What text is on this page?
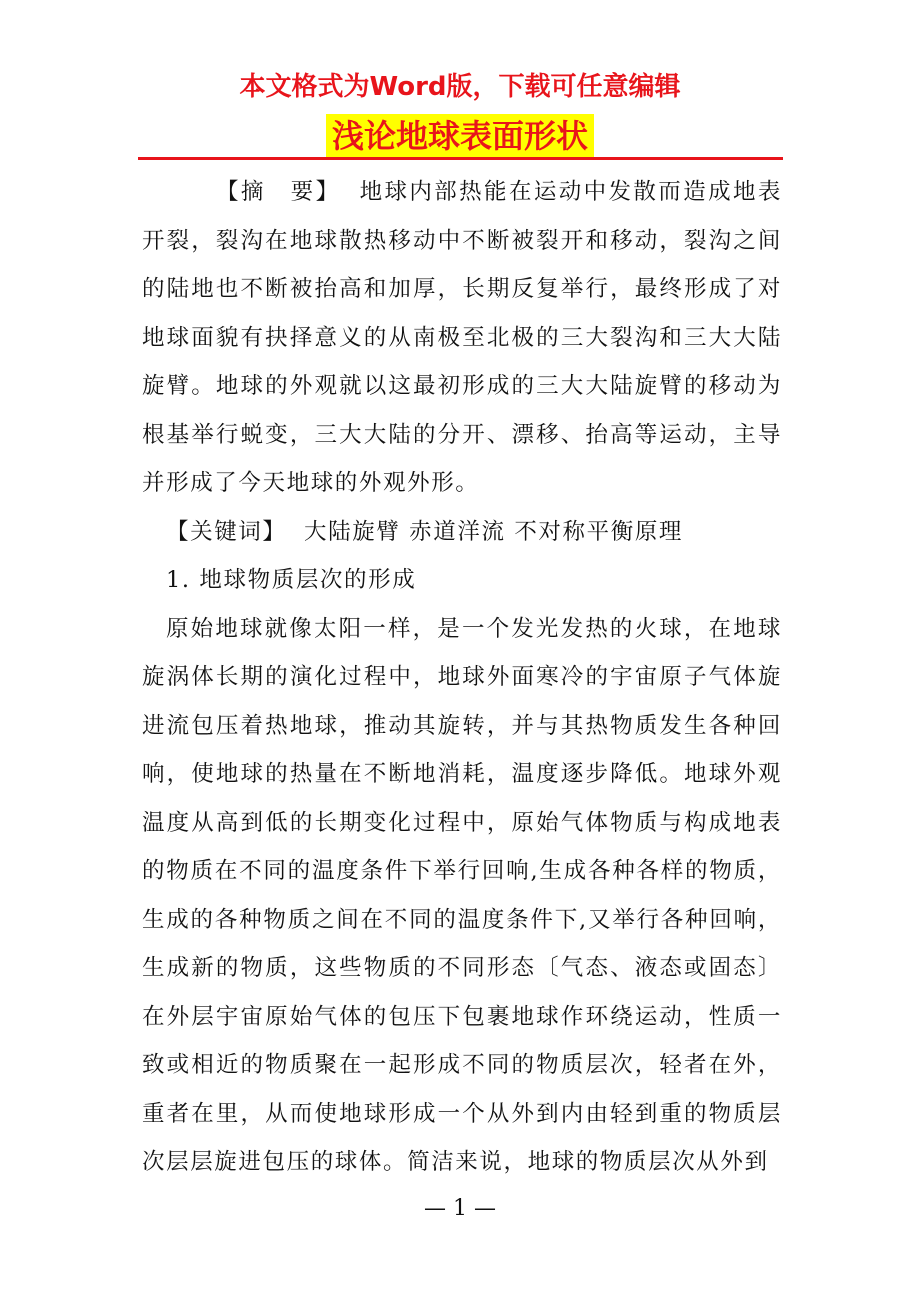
本文格式为Word版，下载可任意编辑
浅论地球表面形状

【摘　要】 地球内部热能在运动中发散而造成地表开裂，裂沟在地球散热移动中不断被裂开和移动，裂沟之间的陆地也不断被抬高和加厚，长期反复举行，最终形成了对地球面貌有抉择意义的从南极至北极的三大裂沟和三大大陆旋臂。地球的外观就以这最初形成的三大大陆旋臂的移动为根基举行蜕变，三大大陆的分开、漂移、抬高等运动，主导并形成了今天地球的外观外形。

【关键词】 大陆旋臂 赤道洋流 不对称平衡原理

1. 地球物质层次的形成

原始地球就像太阳一样，是一个发光发热的火球，在地球旋涡体长期的演化过程中，地球外面寒冷的宇宙原子气体旋进流包压着热地球，推动其旋转，并与其热物质发生各种回响，使地球的热量在不断地消耗，温度逐步降低。地球外观温度从高到低的长期变化过程中，原始气体物质与构成地表的物质在不同的温度条件下举行回响,生成各种各样的物质，生成的各种物质之间在不同的温度条件下,又举行各种回响，生成新的物质，这些物质的不同形态〔气态、液态或固态〕在外层宇宙原始气体的包压下包裹地球作环绕运动，性质一致或相近的物质聚在一起形成不同的物质层次，轻者在外，重者在里，从而使地球形成一个从外到内由轻到重的物质层次层层旋进包压的球体。简洁来说，地球的物质层次从外到

— 1 —
